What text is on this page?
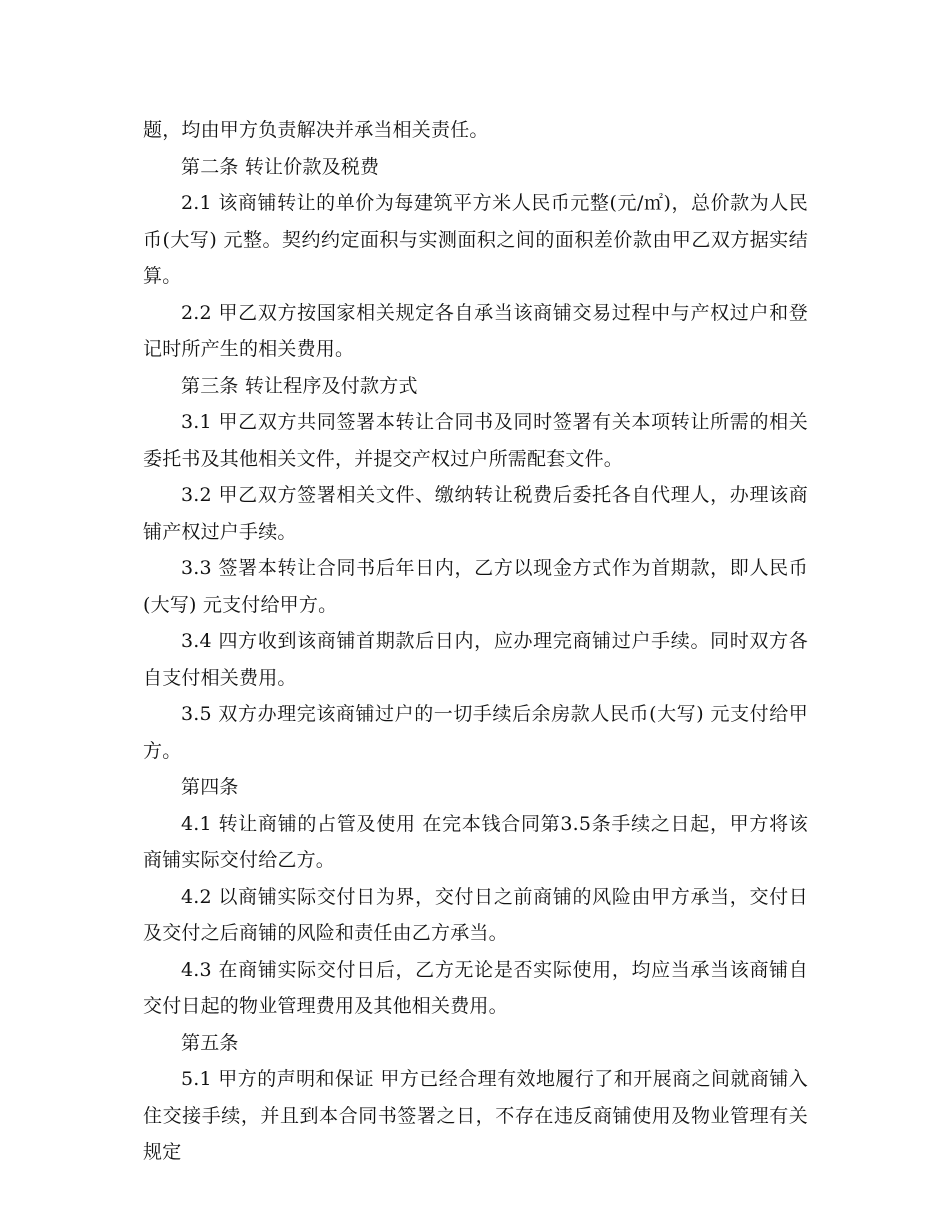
题，均由甲方负责解决并承当相关责任。

第二条 转让价款及税费

2.1 该商铺转让的单价为每建筑平方米人民币元整(元/㎡)，总价款为人民币(大写) 元整。契约约定面积与实测面积之间的面积差价款由甲乙双方据实结算。

2.2 甲乙双方按国家相关规定各自承当该商铺交易过程中与产权过户和登记时所产生的相关费用。

第三条 转让程序及付款方式

3.1 甲乙双方共同签署本转让合同书及同时签署有关本项转让所需的相关委托书及其他相关文件，并提交产权过户所需配套文件。

3.2 甲乙双方签署相关文件、缴纳转让税费后委托各自代理人，办理该商铺产权过户手续。

3.3 签署本转让合同书后年日内，乙方以现金方式作为首期款，即人民币(大写) 元支付给甲方。

3.4 四方收到该商铺首期款后日内，应办理完商铺过户手续。同时双方各自支付相关费用。

3.5 双方办理完该商铺过户的一切手续后余房款人民币(大写) 元支付给甲方。

第四条

4.1 转让商铺的占管及使用 在完本钱合同第3.5条手续之日起，甲方将该商铺实际交付给乙方。

4.2 以商铺实际交付日为界，交付日之前商铺的风险由甲方承当，交付日及交付之后商铺的风险和责任由乙方承当。

4.3 在商铺实际交付日后，乙方无论是否实际使用，均应当承当该商铺自交付日起的物业管理费用及其他相关费用。

第五条

5.1 甲方的声明和保证 甲方已经合理有效地履行了和开展商之间就商铺入住交接手续，并且到本合同书签署之日，不存在违反商铺使用及物业管理有关规定
